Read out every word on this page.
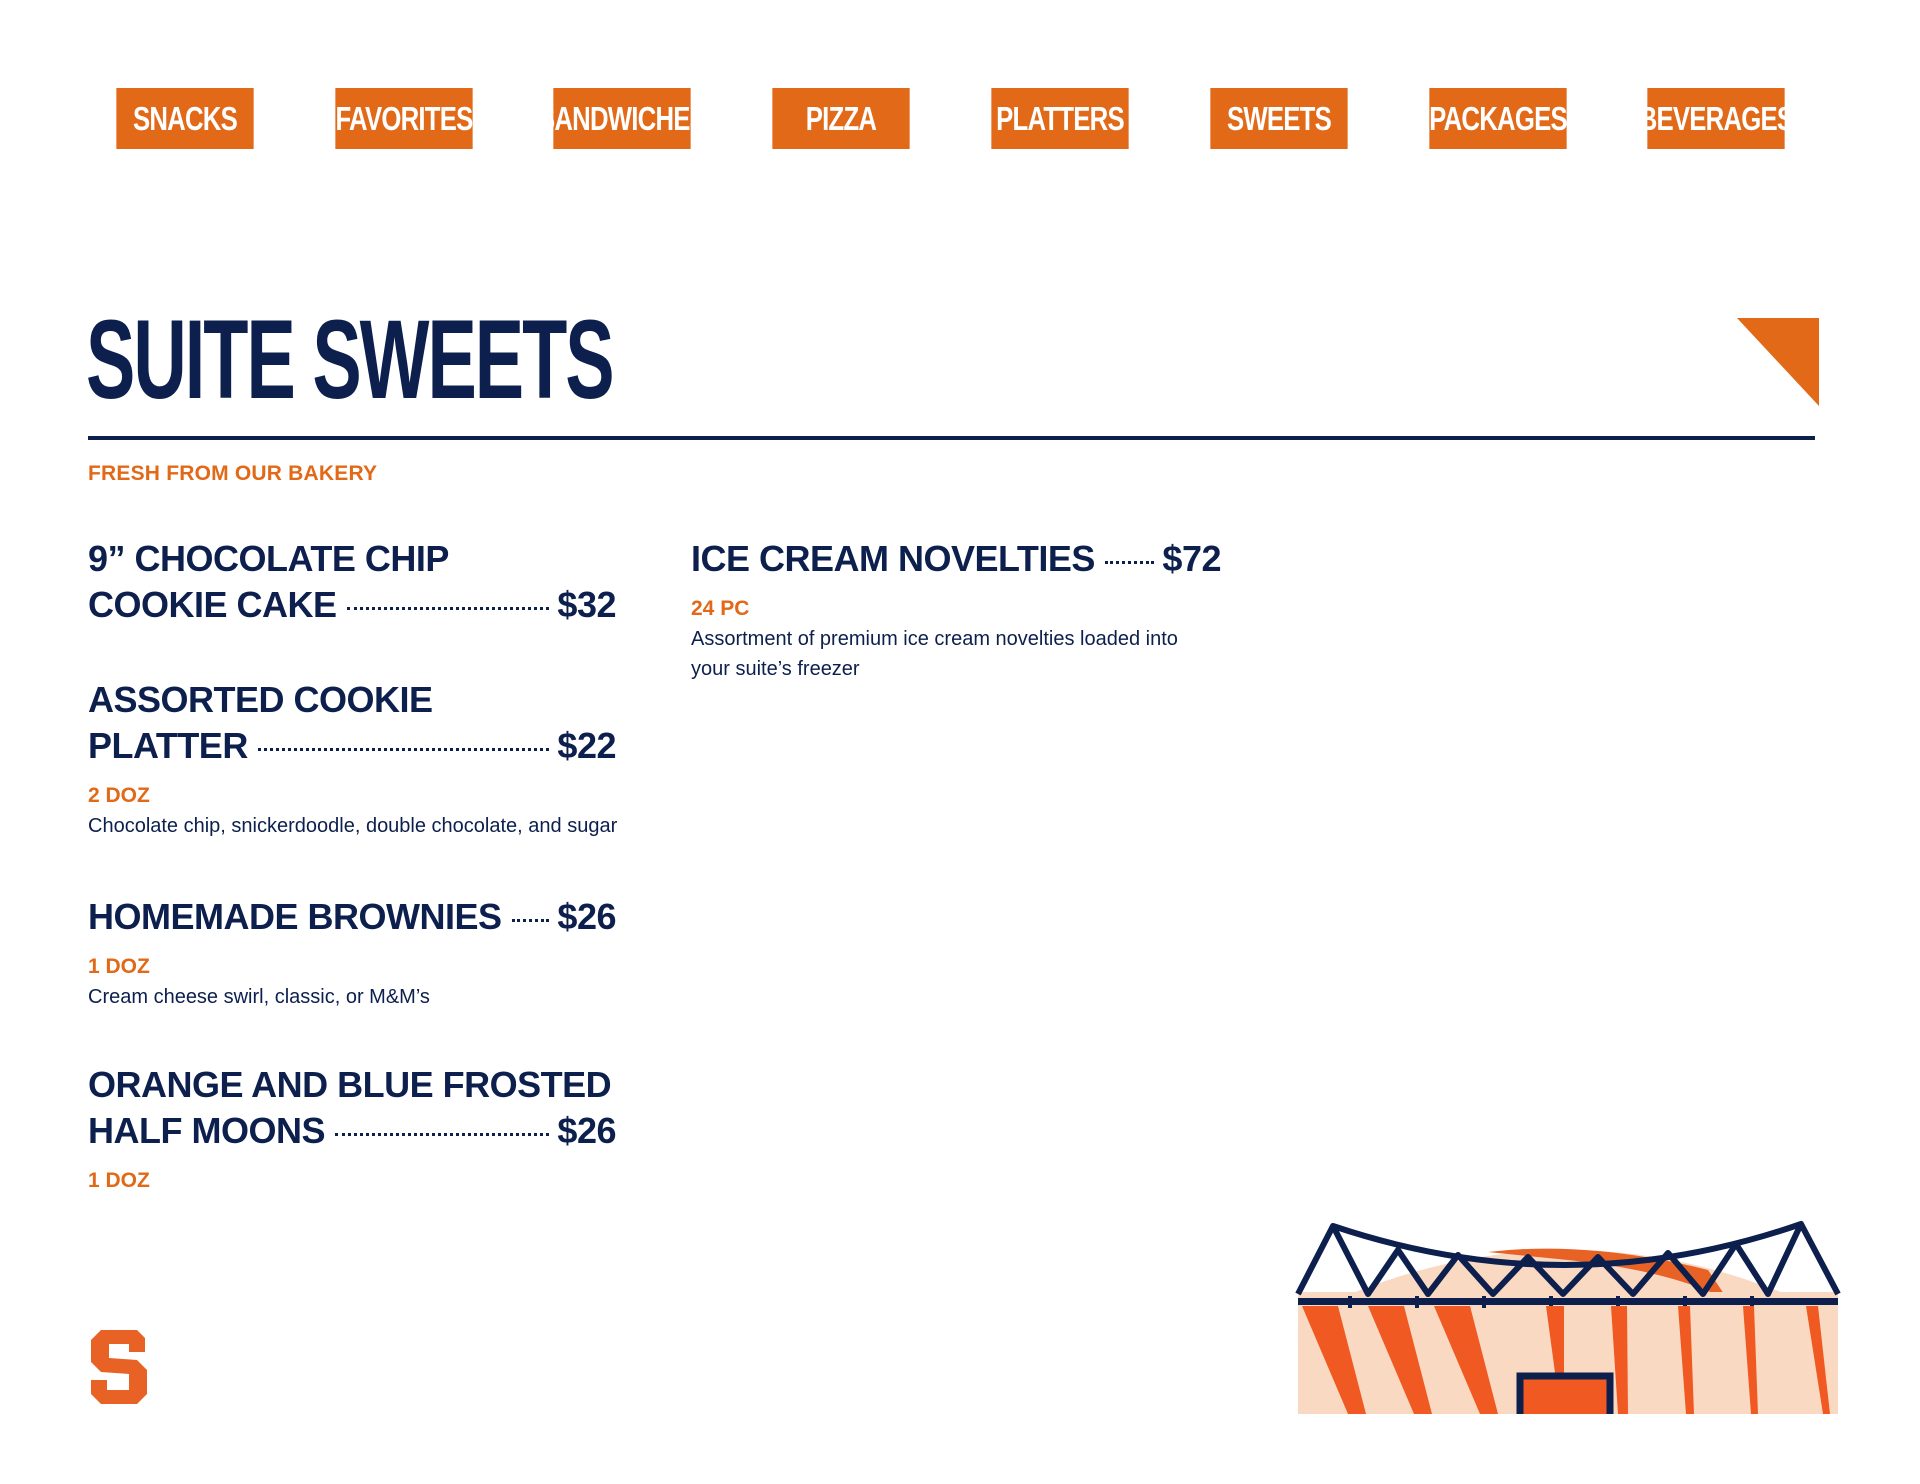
SNACKS	FAVORITES SANDWICHES	PIZZA	PLATTERS	SWEETS	PACKAGES BEVERAGES
SUITE SWEETS

FRESH FROM OUR BAKERY

9” CHOCOLATE CHIP
COOKIE CAKE	$32
ASSORTED COOKIE
PLATTER	$22
2 DOZ
Chocolate chip, snickerdoodle, double chocolate, and sugar
HOMEMADE BROWNIES $26
1 DOZ
Cream cheese swirl, classic, or M&M’s
ORANGE AND BLUE FROSTED
HALF MOONS	$26
1 DOZ
ICE CREAM NOVELTIES $72
24 PC
Assortment of premium ice cream novelties loaded into
your suite’s freezer
